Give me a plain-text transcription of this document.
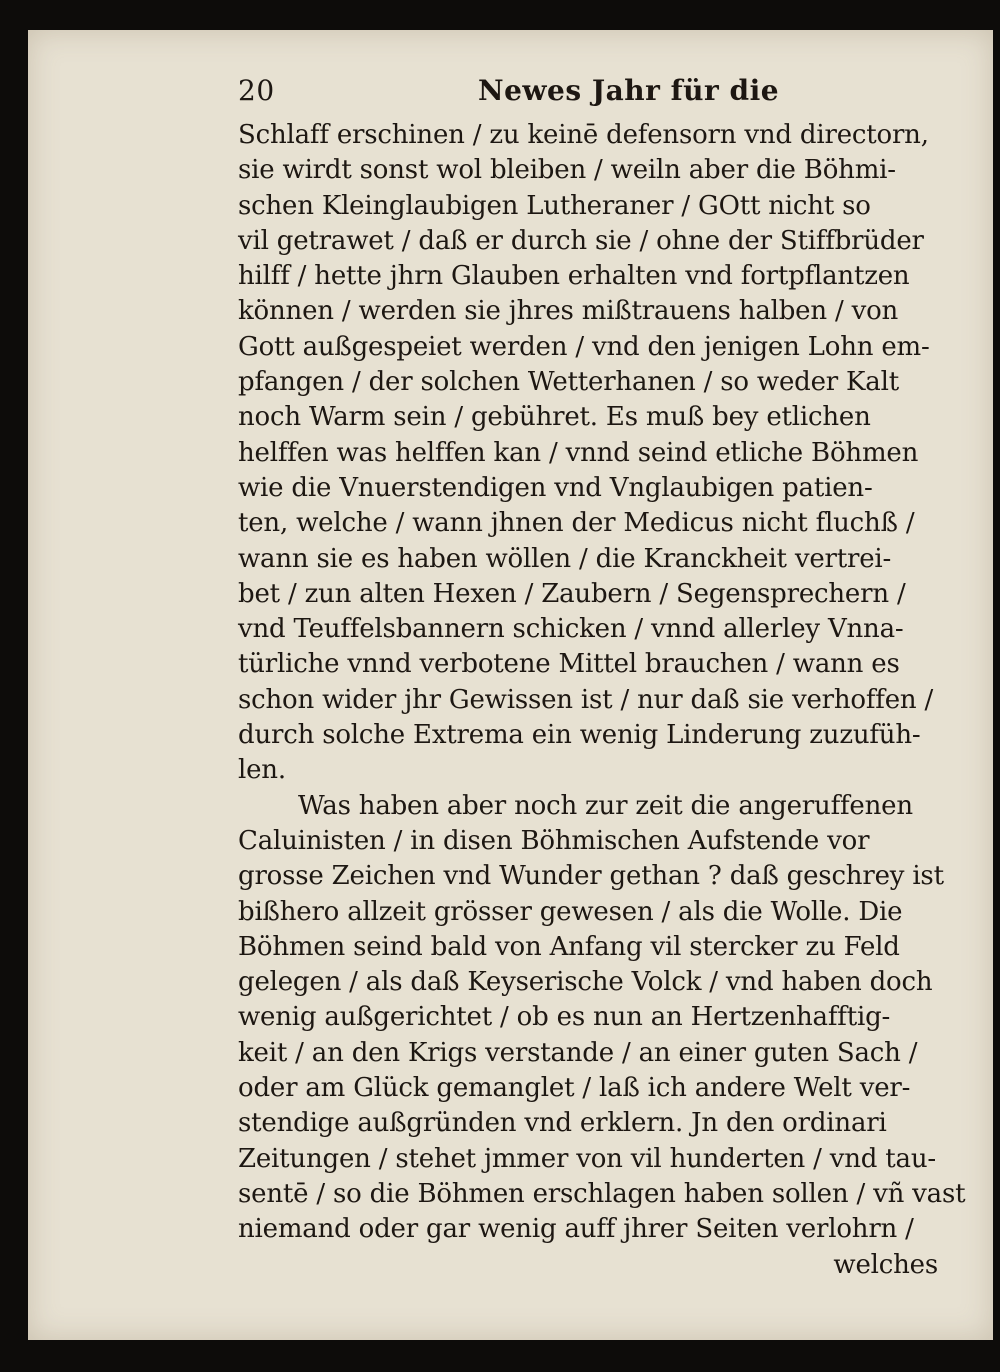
20	Newes Jahr für die
Schlaff erschinen / zu keinē defensorn vnd directorn,
sie wirdt sonst wol bleiben / weiln aber die Böhmi-
schen Kleinglaubigen Lutheraner / GOtt nicht so
vil getrawet / daß er durch sie / ohne der Stiffbrüder
hilff / hette jhrn Glauben erhalten vnd fortpflantzen
können / werden sie jhres mißtrauens halben / von
Gott außgespeiet werden / vnd den jenigen Lohn em-
pfangen / der solchen Wetterhanen / so weder Kalt
noch Warm sein / gebühret. Es muß bey etlichen
helffen was helffen kan / vnnd seind etliche Böhmen
wie die Vnuerstendigen vnd Vnglaubigen patien-
ten, welche / wann jhnen der Medicus nicht fluchß /
wann sie es haben wöllen / die Kranckheit vertrei-
bet / zun alten Hexen / Zaubern / Segensprechern /
vnd Teuffelsbannern schicken / vnnd allerley Vnna-
türliche vnnd verbotene Mittel brauchen / wann es
schon wider jhr Gewissen ist / nur daß sie verhoffen /
durch solche Extrema ein wenig Linderung zuzufüh-
len.
Was haben aber noch zur zeit die angeruffenen
Caluinisten / in disen Böhmischen Aufstende vor
grosse Zeichen vnd Wunder gethan ? daß geschrey ist
bißhero allzeit grösser gewesen / als die Wolle. Die
Böhmen seind bald von Anfang vil stercker zu Feld
gelegen / als daß Keyserische Volck / vnd haben doch
wenig außgerichtet / ob es nun an Hertzenhafftig-
keit / an den Krigs verstande / an einer guten Sach /
oder am Glück gemanglet / laß ich andere Welt ver-
stendige außgründen vnd erklern. Jn den ordinari
Zeitungen / stehet jmmer von vil hunderten / vnd tau-
sentē / so die Böhmen erschlagen haben sollen / vñ vast
niemand oder gar wenig auff jhrer Seiten verlohrn /
welches
